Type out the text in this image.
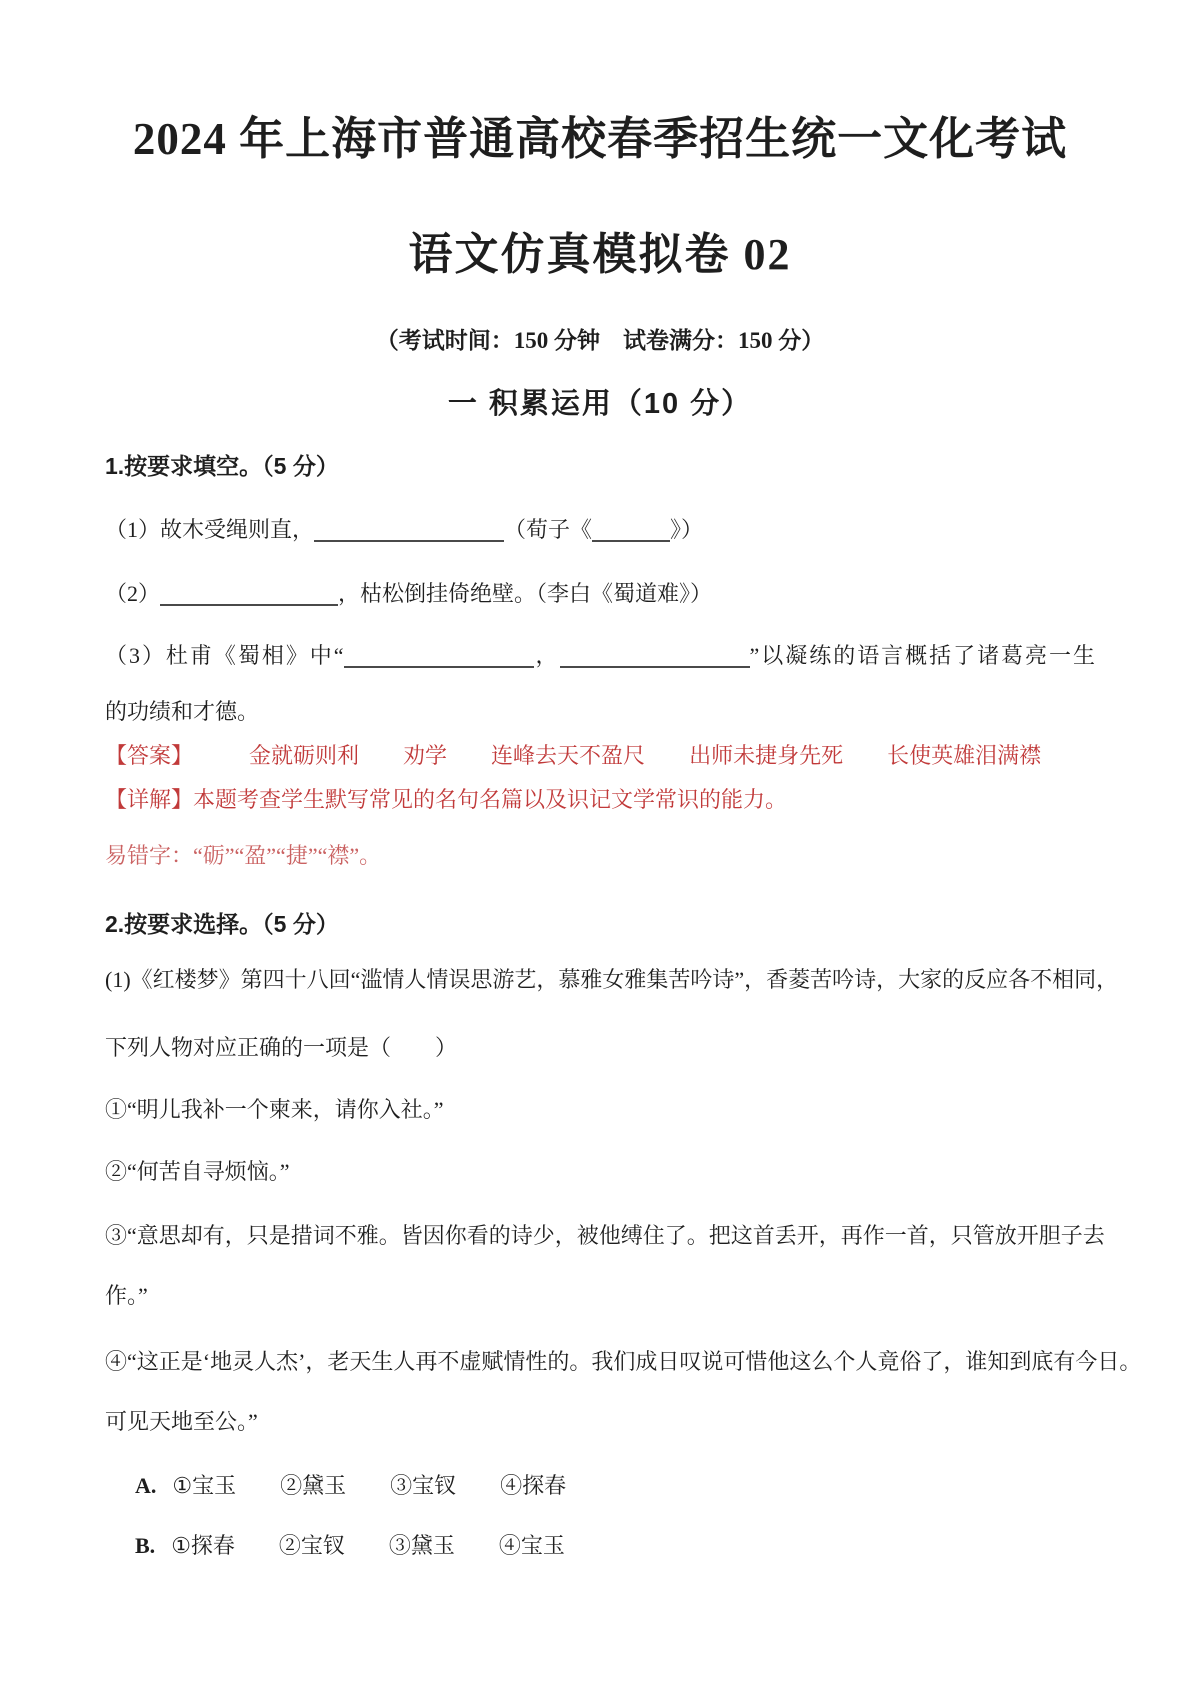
2024 年上海市普通高校春季招生统一文化考试
语文仿真模拟卷 02
（考试时间：150 分钟　试卷满分：150 分）
一 积累运用（10 分）
1.按要求填空。（5 分）
（1）故木受绳则直，	（荀子《	》）
（2）	，枯松倒挂倚绝壁。（李白《蜀道难》）
（3）杜甫《蜀相》中“	，	”以凝练的语言概括了诸葛亮一生
的功绩和才德。
【答案】	金就砺则利 劝学 连峰去天不盈尺 出师未捷身先死 长使英雄泪满襟
【详解】本题考查学生默写常见的名句名篇以及识记文学常识的能力。
易错字：“砺”“盈”“捷”“襟”。
2.按要求选择。（5 分）
(1)《红楼梦》第四十八回“滥情人情误思游艺，慕雅女雅集苦吟诗”，香菱苦吟诗，大家的反应各不相同，
下列人物对应正确的一项是（　　）
①“明儿我补一个柬来，请你入社。”
②“何苦自寻烦恼。”
③“意思却有，只是措词不雅。皆因你看的诗少，被他缚住了。把这首丢开，再作一首，只管放开胆子去
作。”
④“这正是‘地灵人杰’，老天生人再不虚赋情性的。我们成日叹说可惜他这么个人竟俗了，谁知到底有今日。
可见天地至公。”
A. ①宝玉　　②黛玉　　③宝钗　　④探春
B. ①探春　　②宝钗　　③黛玉　　④宝玉
